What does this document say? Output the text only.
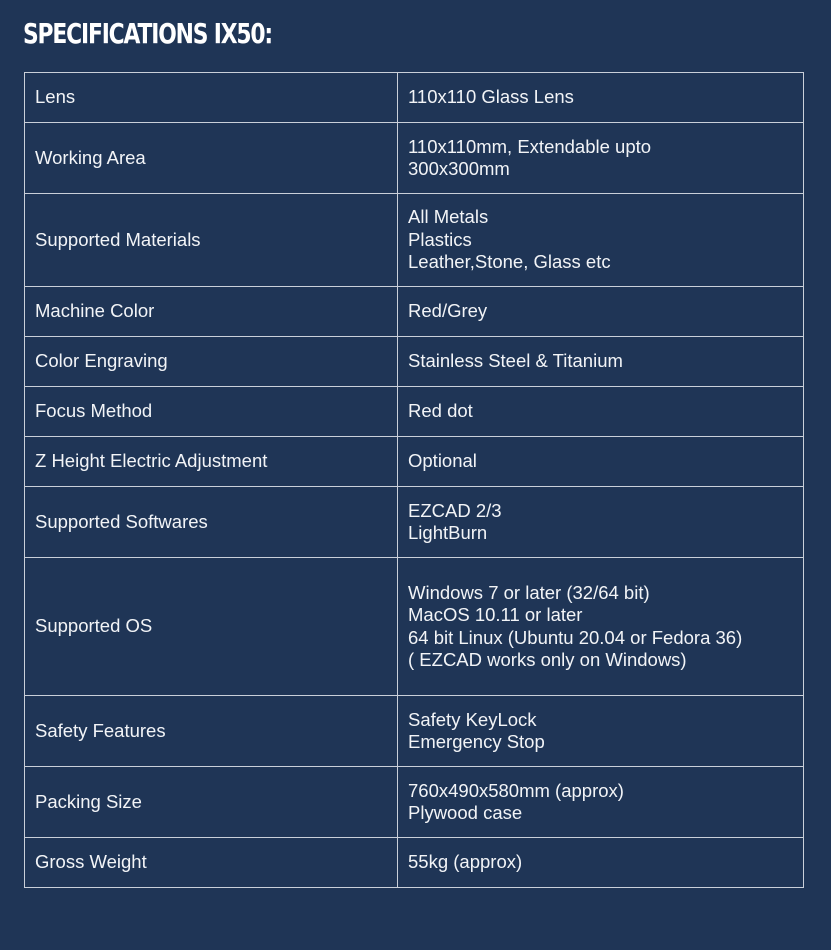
SPECIFICATIONS IX50:
Lens	110x110 Glass Lens

Working Area	110x110mm, Extendable upto
300x300mm

Supported Materials	All Metals
Plastics
Leather,Stone, Glass etc

Machine Color	Red/Grey

Color Engraving	Stainless Steel & Titanium

Focus Method	Red dot

Z Height Electric Adjustment	Optional

Supported Softwares	EZCAD 2/3
LightBurn

Supported OS	Windows 7 or later (32/64 bit)
MacOS 10.11 or later
64 bit Linux (Ubuntu 20.04 or Fedora 36)
( EZCAD works only on Windows)

Safety Features	Safety KeyLock
Emergency Stop

Packing Size	760x490x580mm (approx)
Plywood case

Gross Weight	55kg (approx)
